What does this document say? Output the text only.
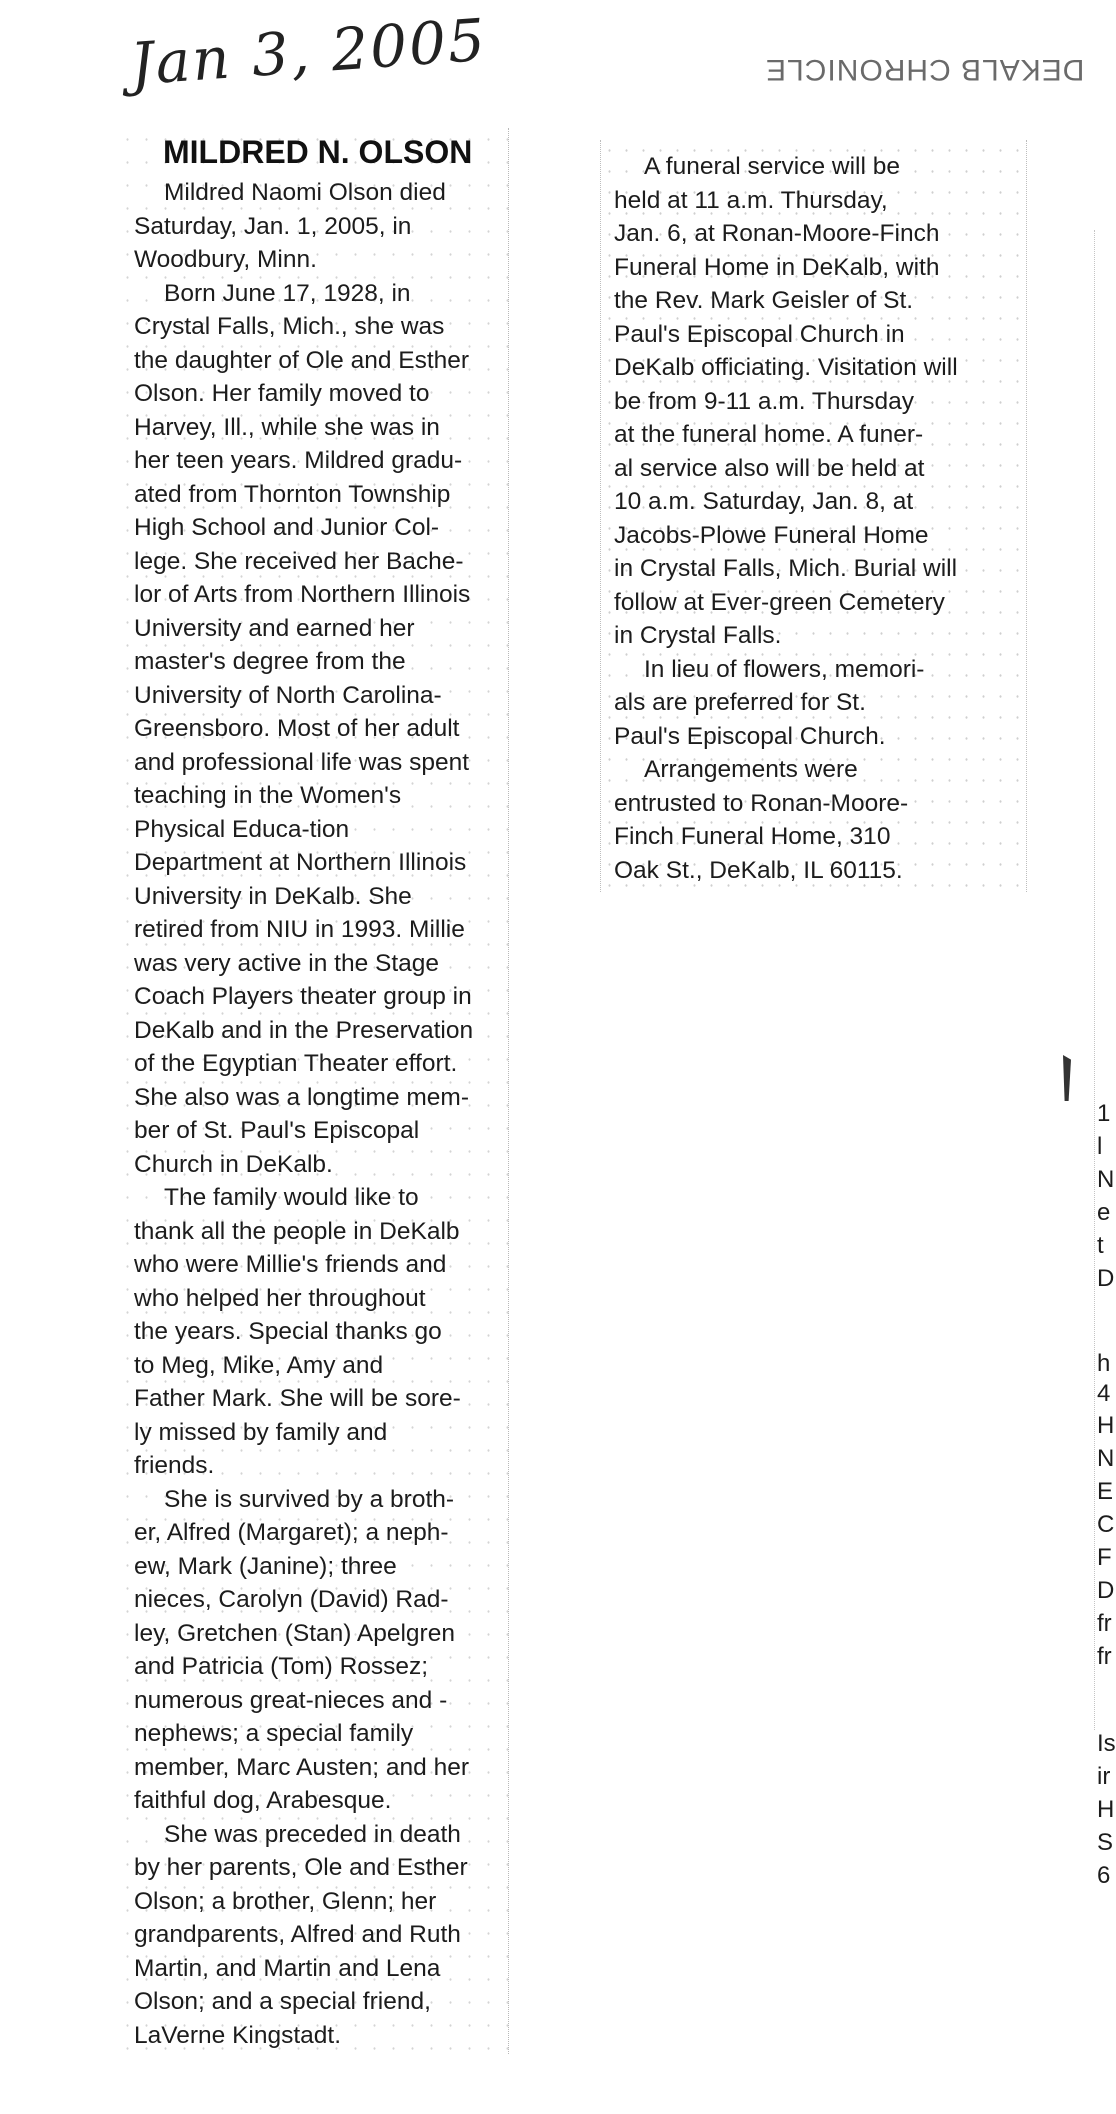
Jan 3, 2005	DEKALB CHRONICLE
MILDRED N. OLSON
Mildred Naomi Olson died
Saturday, Jan. 1, 2005, in
Woodbury, Minn.
Born June 17, 1928, in
Crystal Falls, Mich., she was
the daughter of Ole and Esther
Olson. Her family moved to
Harvey, Ill., while she was in
her teen years. Mildred gradu-
ated from Thornton Township
High School and Junior Col-
lege. She received her Bache-
lor of Arts from Northern Illinois
University and earned her
master's degree from the
University of North Carolina-
Greensboro. Most of her adult
and professional life was spent
teaching in the Women's
Physical Educa-tion
Department at Northern Illinois
University in DeKalb. She
retired from NIU in 1993. Millie
was very active in the Stage
Coach Players theater group in
DeKalb and in the Preservation
of the Egyptian Theater effort.
She also was a longtime mem-
ber of St. Paul's Episcopal
Church in DeKalb.
The family would like to
thank all the people in DeKalb
who were Millie's friends and
who helped her throughout
the years. Special thanks go
to Meg, Mike, Amy and
Father Mark. She will be sore-
ly missed by family and
friends.
She is survived by a broth-
er, Alfred (Margaret); a neph-
ew, Mark (Janine); three
nieces, Carolyn (David) Rad-
ley, Gretchen (Stan) Apelgren
and Patricia (Tom) Rossez;
numerous great-nieces and -
nephews; a special family
member, Marc Austen; and her
faithful dog, Arabesque.
She was preceded in death
by her parents, Ole and Esther
Olson; a brother, Glenn; her
grandparents, Alfred and Ruth
Martin, and Martin and Lena
Olson; and a special friend,
LaVerne Kingstadt.
A funeral service will be
held at 11 a.m. Thursday,
Jan. 6, at Ronan-Moore-Finch
Funeral Home in DeKalb, with
the Rev. Mark Geisler of St.
Paul's Episcopal Church in
DeKalb officiating. Visitation will
be from 9-11 a.m. Thursday
at the funeral home. A funer-
al service also will be held at
10 a.m. Saturday, Jan. 8, at
Jacobs-Plowe Funeral Home
in Crystal Falls, Mich. Burial will
follow at Ever-green Cemetery
in Crystal Falls.
In lieu of flowers, memori-
als are preferred for St.
Paul's Episcopal Church.
Arrangements were
entrusted to Ronan-Moore-
Finch Funeral Home, 310
Oak St., DeKalb, IL 60115.
1
l
N
e
t
D
h
4
H
N
E
C
F
D
fr
fr
Is
ir
H
S
6
